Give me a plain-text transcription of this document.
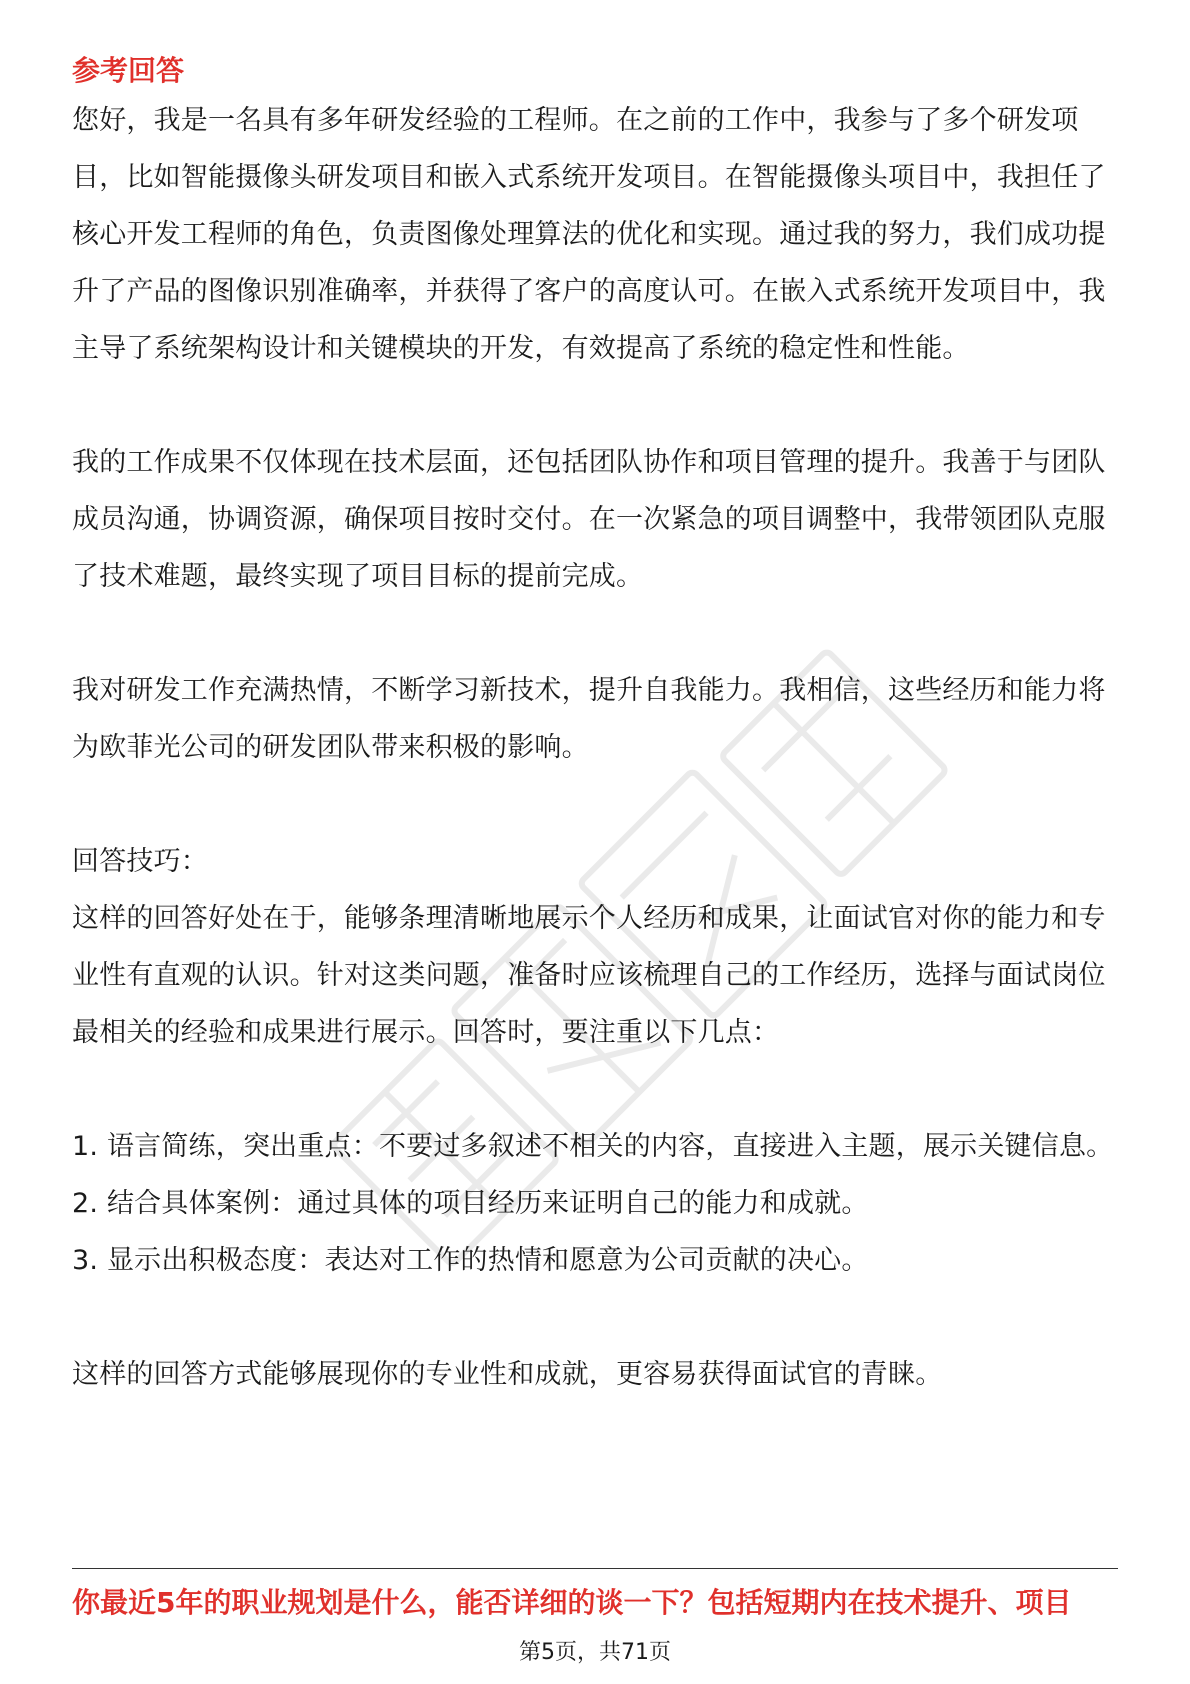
参考回答

您好，我是一名具有多年研发经验的工程师。在之前的工作中，我参与了多个研发项目，比如智能摄像头研发项目和嵌入式系统开发项目。在智能摄像头项目中，我担任了核心开发工程师的角色，负责图像处理算法的优化和实现。通过我的努力，我们成功提升了产品的图像识别准确率，并获得了客户的高度认可。在嵌入式系统开发项目中，我主导了系统架构设计和关键模块的开发，有效提高了系统的稳定性和性能。

我的工作成果不仅体现在技术层面，还包括团队协作和项目管理的提升。我善于与团队成员沟通，协调资源，确保项目按时交付。在一次紧急的项目调整中，我带领团队克服了技术难题，最终实现了项目目标的提前完成。

我对研发工作充满热情，不断学习新技术，提升自我能力。我相信，这些经历和能力将为欧菲光公司的研发团队带来积极的影响。

回答技巧：

这样的回答好处在于，能够条理清晰地展示个人经历和成果，让面试官对你的能力和专业性有直观的认识。针对这类问题，准备时应该梳理自己的工作经历，选择与面试岗位最相关的经验和成果进行展示。回答时，要注重以下几点：

1. 语言简练，突出重点：不要过多叙述不相关的内容，直接进入主题，展示关键信息。

2. 结合具体案例：通过具体的项目经历来证明自己的能力和成就。

3. 显示出积极态度：表达对工作的热情和愿意为公司贡献的决心。

这样的回答方式能够展现你的专业性和成就，更容易获得面试官的青睐。

你最近5年的职业规划是什么，能否详细的谈一下？包括短期内在技术提升、项目
第5页，共71页
